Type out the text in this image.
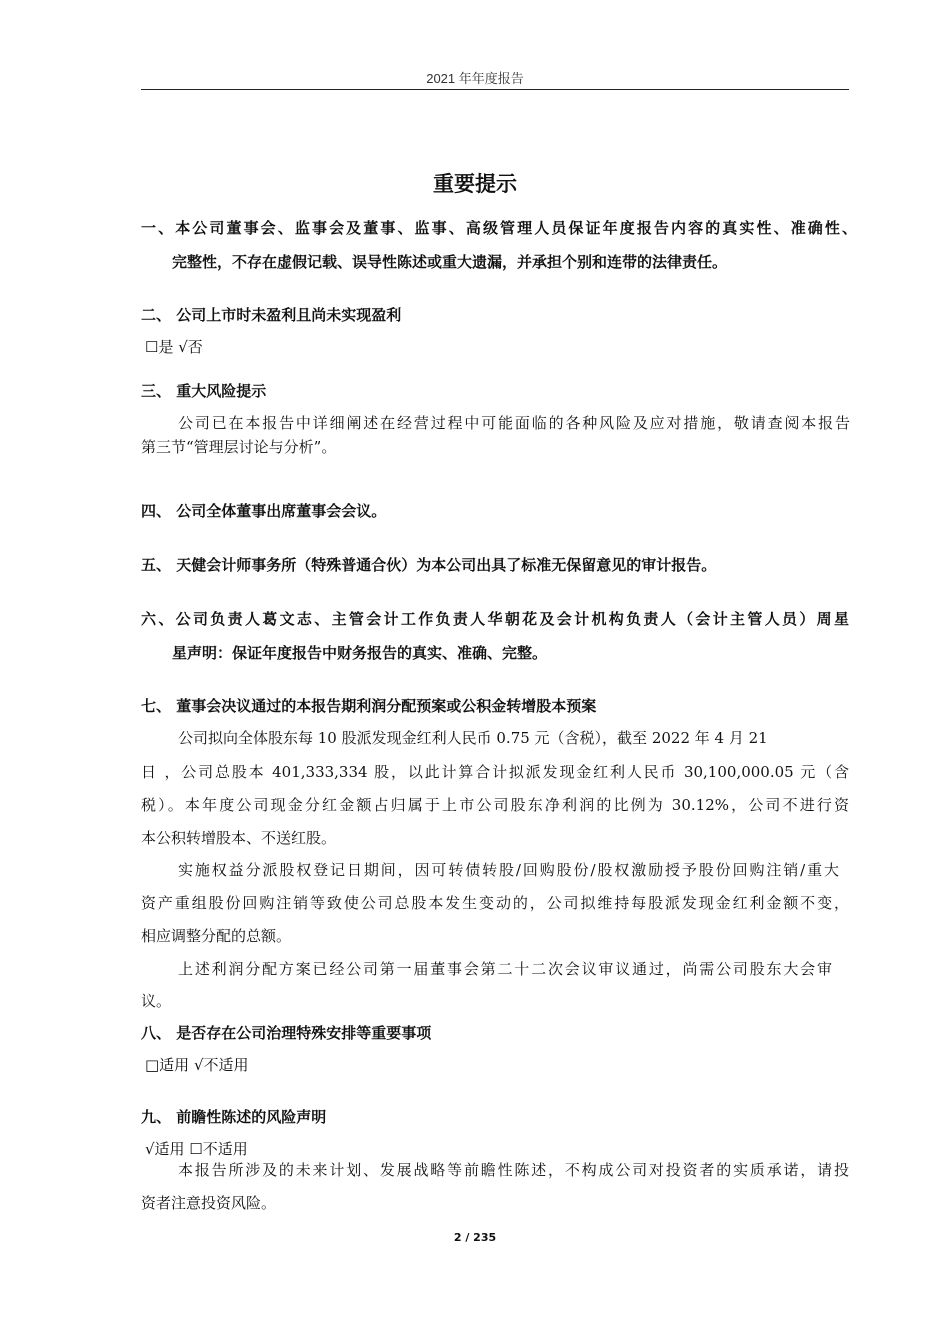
2021 年年度报告
重要提示
一、本公司董事会、监事会及董事、监事、高级管理人员保证年度报告内容的真实性、准确性、
完整性，不存在虚假记载、误导性陈述或重大遗漏，并承担个别和连带的法律责任。
二、 公司上市时未盈利且尚未实现盈利
☐是 √否
三、 重大风险提示
公司已在本报告中详细阐述在经营过程中可能面临的各种风险及应对措施，敬请查阅本报告
第三节“管理层讨论与分析”。
四、 公司全体董事出席董事会会议。
五、 天健会计师事务所（特殊普通合伙）为本公司出具了标准无保留意见的审计报告。
六、公司负责人葛文志、主管会计工作负责人华朝花及会计机构负责人（会计主管人员）周星
星声明：保证年度报告中财务报告的真实、准确、完整。
七、 董事会决议通过的本报告期利润分配预案或公积金转增股本预案
公司拟向全体股东每 10 股派发现金红利人民币 0.75 元（含税），截至 2022 年 4 月 21
日 ，公司总股本 401,333,334 股，以此计算合计拟派发现金红利人民币 30,100,000.05 元（含
税）。本年度公司现金分红金额占归属于上市公司股东净利润的比例为 30.12%，公司不进行资
本公积转增股本、不送红股。
实施权益分派股权登记日期间，因可转债转股/回购股份/股权激励授予股份回购注销/重大
资产重组股份回购注销等致使公司总股本发生变动的，公司拟维持每股派发现金红利金额不变，
相应调整分配的总额。
上述利润分配方案已经公司第一届董事会第二十二次会议审议通过，尚需公司股东大会审
议。
八、 是否存在公司治理特殊安排等重要事项
□适用 √不适用
九、 前瞻性陈述的风险声明
√适用 ☐不适用
本报告所涉及的未来计划、发展战略等前瞻性陈述，不构成公司对投资者的实质承诺，请投
资者注意投资风险。
2 / 235
